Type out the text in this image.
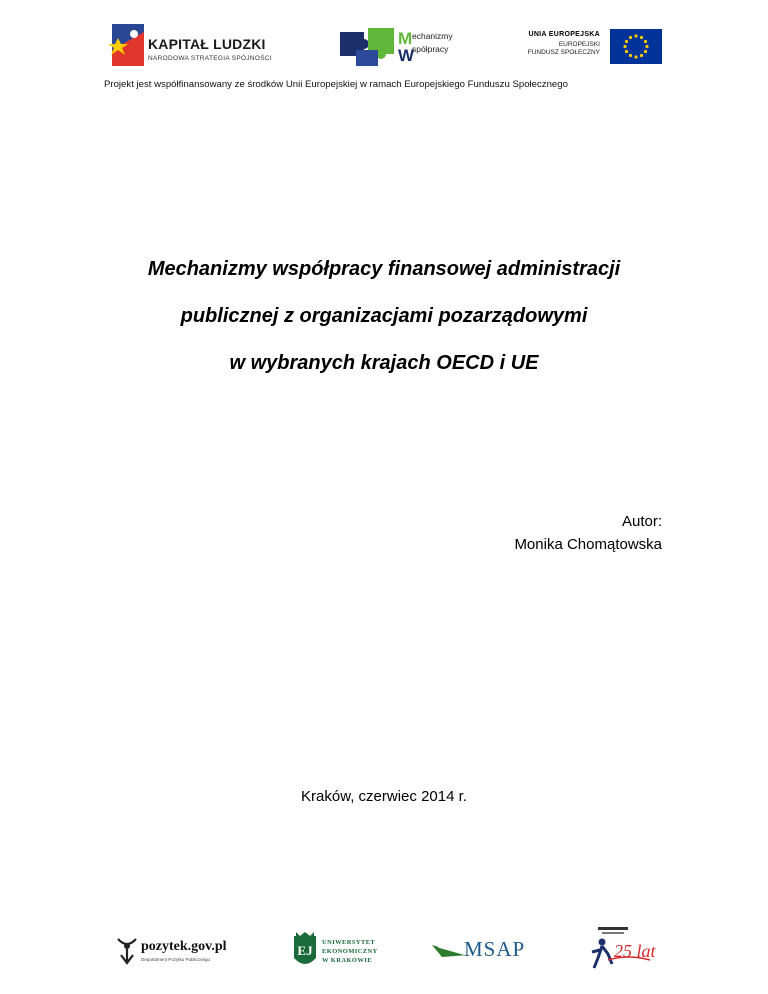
KAPITAŁ LUDZKI
NARODOWA STRATEGIA SPÓJNOŚCI
M
W
echanizmy
spółpracy
UNIA EUROPEJSKA
EUROPEJSKI
FUNDUSZ SPOŁECZNY
Projekt jest współfinansowany ze środków Unii Europejskiej w ramach Europejskiego Funduszu Społecznego
Mechanizmy współpracy finansowej administracji
publicznej z organizacjami pozarządowymi
w wybranych krajach OECD i UE
Autor:
Monika Chomątowska
Kraków, czerwiec 2014 r.
pozytek.gov.pl
Departament Pożytku Publicznego
EJ
UNIWERSYTET
EKONOMICZNY
W KRAKOWIE	MSAP	25 lat
